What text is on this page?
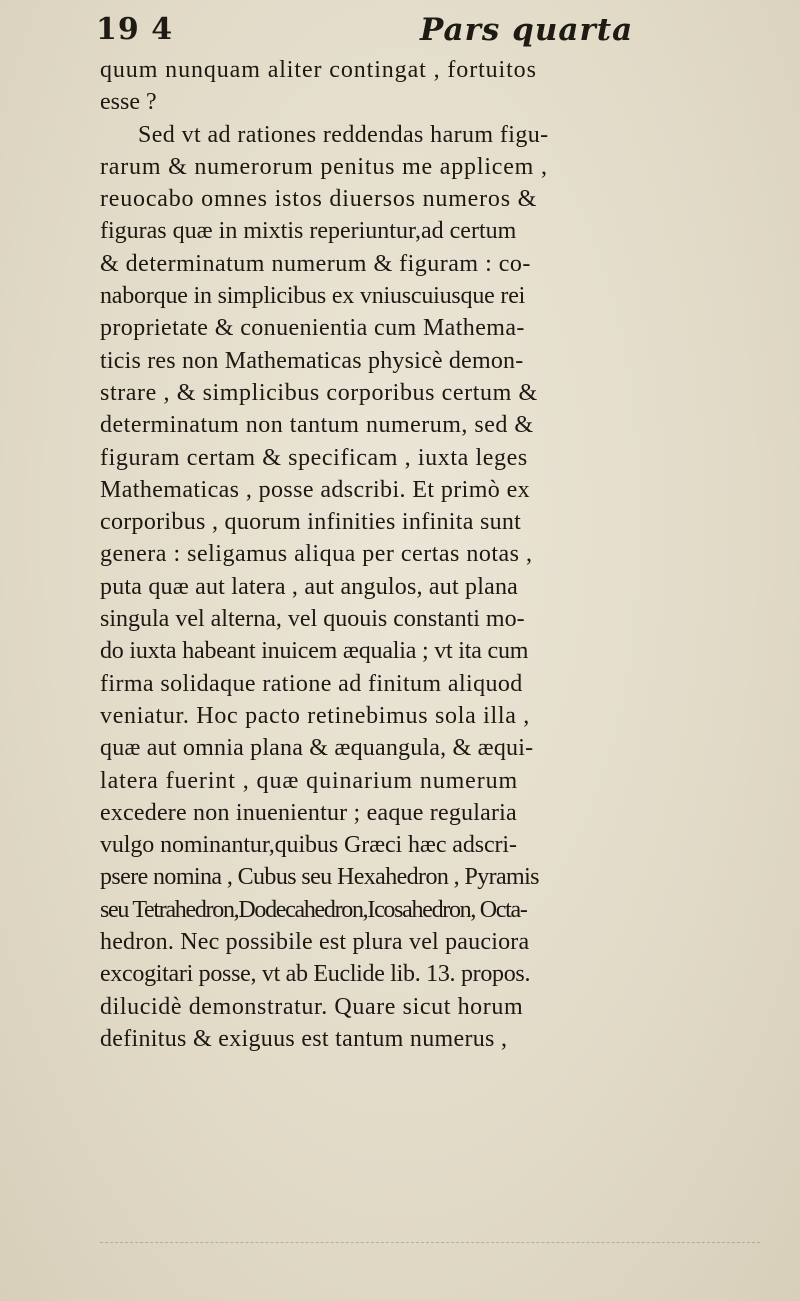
19 4	Pars quarta
quum nunquam aliter contingat , fortuitos
esse ?
Sed vt ad rationes reddendas harum figu-
rarum & numerorum penitus me applicem ,
reuocabo omnes istos diuersos numeros &
figuras quæ in mixtis reperiuntur,ad certum
& determinatum numerum & figuram : co-
naborque in simplicibus ex vniuscuiusque rei
proprietate & conuenientia cum Mathema-
ticis res non Mathematicas physicè demon-
strare , & simplicibus corporibus certum &
determinatum non tantum numerum, sed &
figuram certam & specificam , iuxta leges
Mathematicas , posse adscribi. Et primò ex
corporibus , quorum infinities infinita sunt
genera : seligamus aliqua per certas notas ,
puta quæ aut latera , aut angulos, aut plana
singula vel alterna, vel quouis constanti mo-
do iuxta habeant inuicem æqualia ; vt ita cum
firma solidaque ratione ad finitum aliquod
veniatur. Hoc pacto retinebimus sola illa ,
quæ aut omnia plana & æquangula, & æqui-
latera fuerint , quæ quinarium numerum
excedere non inuenientur ; eaque regularia
vulgo nominantur,quibus Græci hæc adscri-
psere nomina , Cubus seu Hexahedron , Pyramis
seu Tetrahedron,Dodecahedron,Icosahedron, Octa-
hedron. Nec possibile est plura vel pauciora
excogitari posse, vt ab Euclide lib. 13. propos.
dilucidè demonstratur. Quare sicut horum
definitus & exiguus est tantum numerus ,
